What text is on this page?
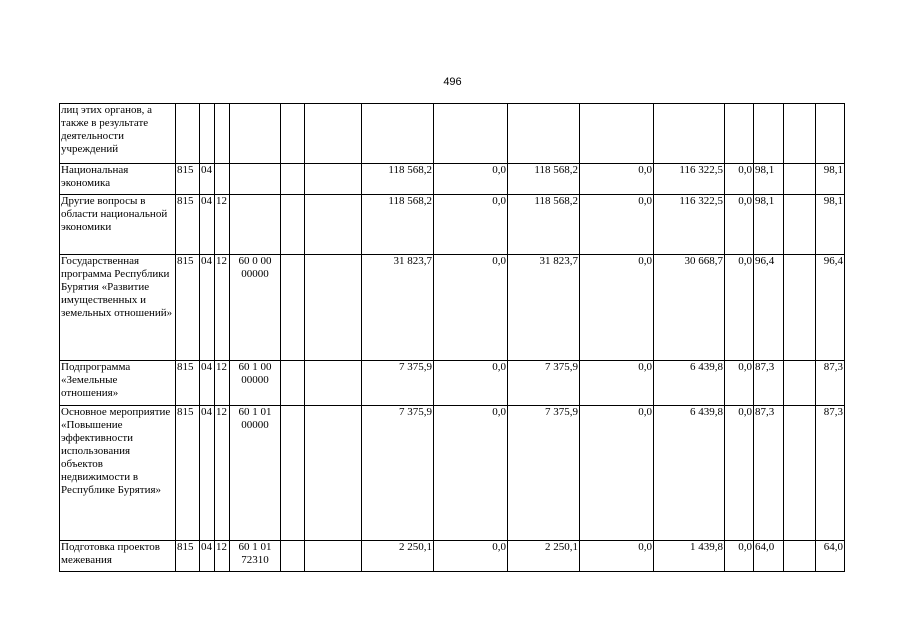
496
лиц этих органов, а также в результате деятельности учреждений															
Национальная экономика	815	04					118 568,2	0,0	118 568,2	0,0	116 322,5	0,0	98,1		98,1
Другие вопросы в области национальной экономики	815	04	12				118 568,2	0,0	118 568,2	0,0	116 322,5	0,0	98,1		98,1
Государственная программа Республики Бурятия «Развитие имущественных и земельных отношений»	815	04	12	60 0 00 00000			31 823,7	0,0	31 823,7	0,0	30 668,7	0,0	96,4		96,4
Подпрограмма «Земельные отношения»	815	04	12	60 1 00 00000			7 375,9	0,0	7 375,9	0,0	6 439,8	0,0	87,3		87,3
Основное мероприятие «Повышение эффективности использования объектов недвижимости в Республике Бурятия»	815	04	12	60 1 01 00000			7 375,9	0,0	7 375,9	0,0	6 439,8	0,0	87,3		87,3
Подготовка проектов межевания	815	04	12	60 1 01 72310			2 250,1	0,0	2 250,1	0,0	1 439,8	0,0	64,0		64,0
